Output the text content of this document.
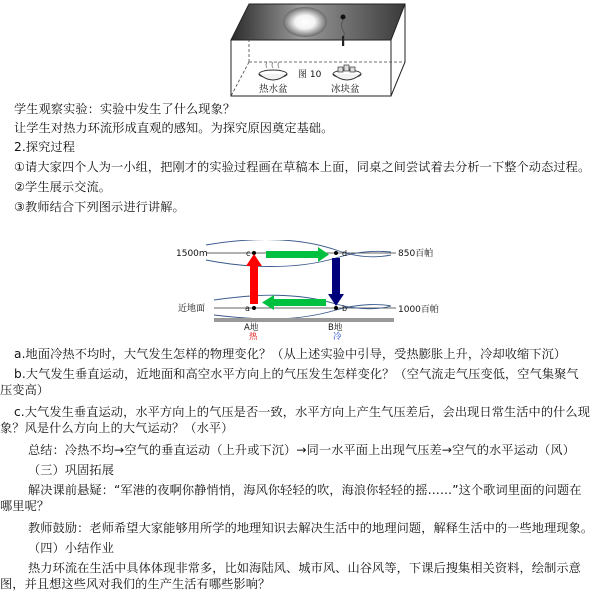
图 10
热水盆	冰块盆
学生观察实验：实验中发生了什么现象？
让学生对热力环流形成直观的感知。为探究原因奠定基础。
2.探究过程
①请大家四个人为一小组，把刚才的实验过程画在草稿本上面，同桌之间尝试着去分析一下整个动态过程。
②学生展示交流。
③教师结合下列图示进行讲解。
1500m
近地面
850百帕
1000百帕
c	d
a	b
A地	B地
热	冷
a.地面冷热不均时，大气发生怎样的物理变化？（从上述实验中引导，受热膨胀上升，冷却收缩下沉）
b.大气发生垂直运动，近地面和高空水平方向上的气压发生怎样变化？（空气流走气压变低，空气集聚气压变高）
c.大气发生垂直运动，水平方向上的气压是否一致，水平方向上产生气压差后，会出现日常生活中的什么现象？风是什么方向上的大气运动？（水平）
总结：冷热不均→空气的垂直运动（上升或下沉）→同一水平面上出现气压差→空气的水平运动（风）
（三）巩固拓展
解决课前悬疑：“军港的夜啊你静悄悄，海风你轻轻的吹，海浪你轻轻的摇……”这个歌词里面的问题在哪里呢？
教师鼓励：老师希望大家能够用所学的地理知识去解决生活中的地理问题，解释生活中的一些地理现象。
（四）小结作业
热力环流在生活中具体体现非常多，比如海陆风、城市风、山谷风等，下课后搜集相关资料，绘制示意图，并且想这些风对我们的生产生活有哪些影响？
